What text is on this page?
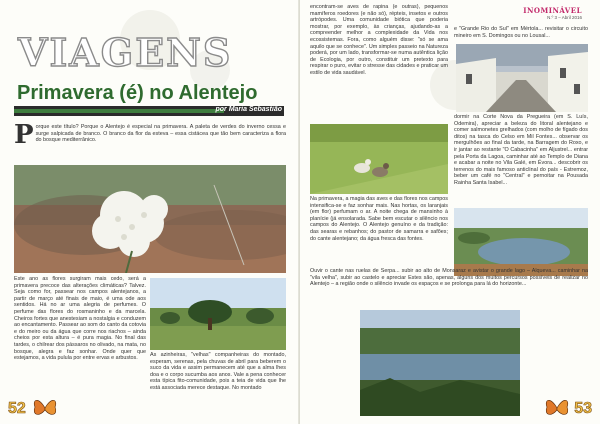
VIAGENS
Primavera (é) no Alentejo
por Maria Sebastião
P orque este título? Porque o Alentejo é especial na primavera. A paleta de verdes do inverno cessa e surge salpicada de branco. O branco da flor da esteva – essa cistácea que tão bem caracteriza a flora do bosque mediterrânico.
Este ano as flores surgiram mais cedo, será a primavera precoce das alterações climáticas? Talvez. Seja como for, passear nos campos alentejanos, a partir de março até finais de maio, é uma ode aos sentidos. Há no ar uma alegria de perfumes. O perfume das flores do rosmaninho e da marcela. Cheiros fortes que anestesiam a nostalgia e conduzem ao encantamento. Passear ao som do canto da cotovia e do meiro ou da água que corre nos riachos – ainda cheios por esta altura – é pura magia. No final das tardes, o chilrear dos pássaros no olivado, na mata, no bosque, alegra e faz sonhar. Onde quer que estejamos, a vida pulula por entre ervas e arbustos.
As azinheiras, "velhas" companheiras do montado, esperam, serenas, pela chuvas de abril para beberem o suco da vida e assim permanecem até que a alma lhes doa e o corpo sucumba aos anos. Vale a pena conhecer esta típica fito-comunidade, pois a teia de vida que lhe está associada merece destaque. No montado
52
INOMINÁVEL
N.º 3 – Abril 2016
encontram-se aves de rapina (e outras), pequenos mamíferos roedores (e não só), répteis, insetos e outros artrópodes. Uma comunidade biótica que poderia mostrar, por exemplo, às crianças, ajudando-as a compreender melhor a complexidade da Vida nos ecossistemas. Fora, como alguém disse: "só se ama aquilo que se conhece". Um simples passeio na Natureza poderá, por um lado, transformar-se numa autêntica lição de Ecologia, por outro, constituir um pretexto para respirar o puro, evitar o stresse das cidades e praticar um estilo de vida saudável.
e "Grande Rio do Sul" em Mértola... revisitar o circuito mineiro em S. Domingos ou no Lousal...
Na primavera, a magia das aves e das flores nos campos intensifica-se e faz sonhar mais. Nas hortas, os laranjais (em flor) perfumam o ar. A noite chega de mansinho à planície (já ensolarada. Sabe bem escutar o silêncio nos campos do Alentejo. O Alentejo genuíno e da tradição: das searas e rebanhos; do pastor de samarra e safões; do cante alentejano; da água fresca das fontes.
dormir na Corte Nova da Pregueira (em S. Luís, Odemira), apreciar a beleza do litoral alentejano e comer salmonetes grelhados (com molho de fígado dos ditos) na tasca do Celso em Mil Fontes... observar os mergulhões ao final da tarde, na Barragem do Roxo, e ir jantar ao restante "O Cabacinha" em Aljustrel... entrar pela Porta da Lagoa, caminhar até ao Templo de Diana e acabar a noite no Vila Galé, em Évora... descobrir os terrenos do mais famoso anticlinal do país - Estremoz, beber um café no "Central" e pernoitar na Pousada Rainha Santa Isabel...
Ouvir o cante nas ruelas de Serpa... subir ao alto de Monsaraz e avistar o grande lago – Alqueva... caminhar na "vila velha", subir ao castelo e apreciar Estes são, apenas, alguns dos muitos percursos possíveis de realizar no Alentejo – a região onde o silêncio invade os espaços e se prolonga para lá do horizonte...
53
